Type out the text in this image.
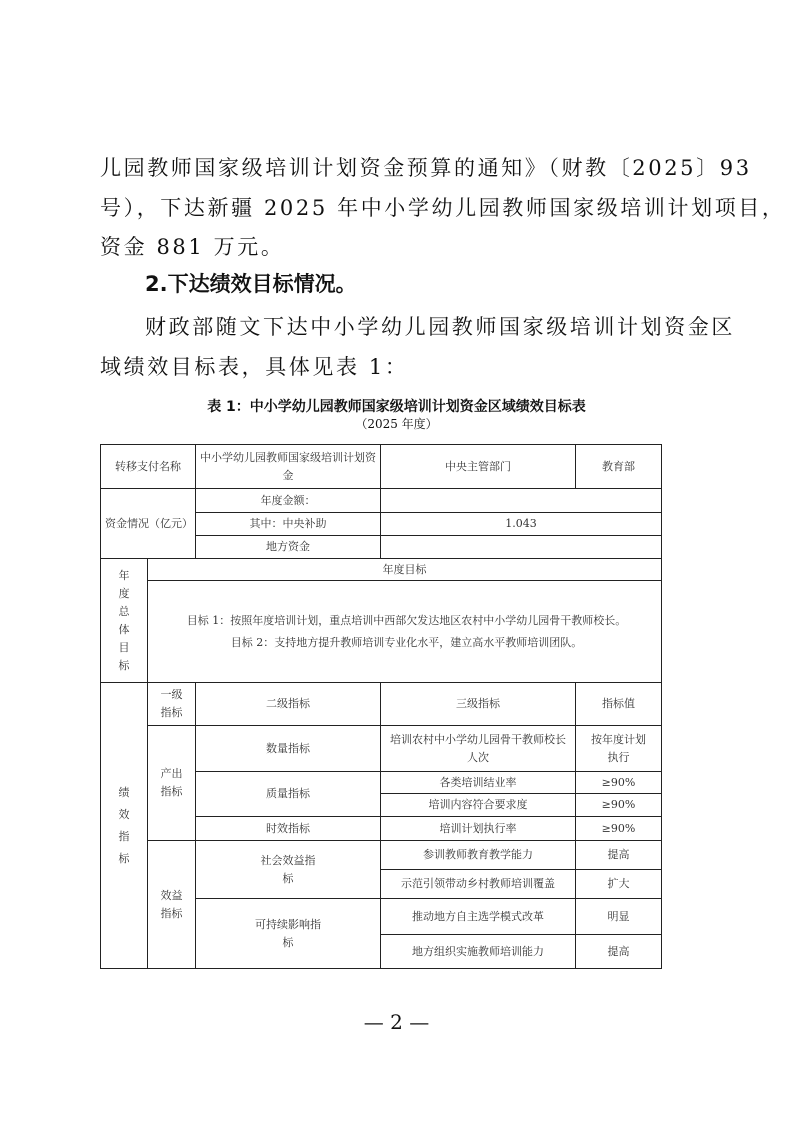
儿园教师国家级培训计划资金预算的通知》（财教〔2025〕93
号），下达新疆 2025 年中小学幼儿园教师国家级培训计划项目，
资金 881 万元。
2.下达绩效目标情况。
财政部随文下达中小学幼儿园教师国家级培训计划资金区
域绩效目标表，具体见表 1：
表 1：中小学幼儿园教师国家级培训计划资金区域绩效目标表
（2025 年度）
转移支付名称		中小学幼儿园教师国家级培训计划资金	中央主管部门	教育部
资金情况（亿元）		年度金额：		
		其中：中央补助	1.043	
		地方资金		
年度总体目标	年度目标			

	目标 1：按照年度培训计划，重点培训中西部欠发达地区农村中小学幼儿园骨干教师校长。
目标 2：支持地方提升教师培训专业化水平，建立高水平教师培训团队。			

绩效指标	一级指标	二级指标	三级指标	指标值
	产出指标	数量指标	培训农村中小学幼儿园骨干教师校长人次	按年度计划执行
		质量指标	各类培训结业率	≥90%
			培训内容符合要求度	≥90%
		时效指标	培训计划执行率	≥90%
	效益指标	社会效益指标	参训教师教育教学能力	提高
			示范引领带动乡村教师培训覆盖	扩大
		可持续影响指标	推动地方自主选学模式改革	明显
			地方组织实施教师培训能力	提高
— 2 —
